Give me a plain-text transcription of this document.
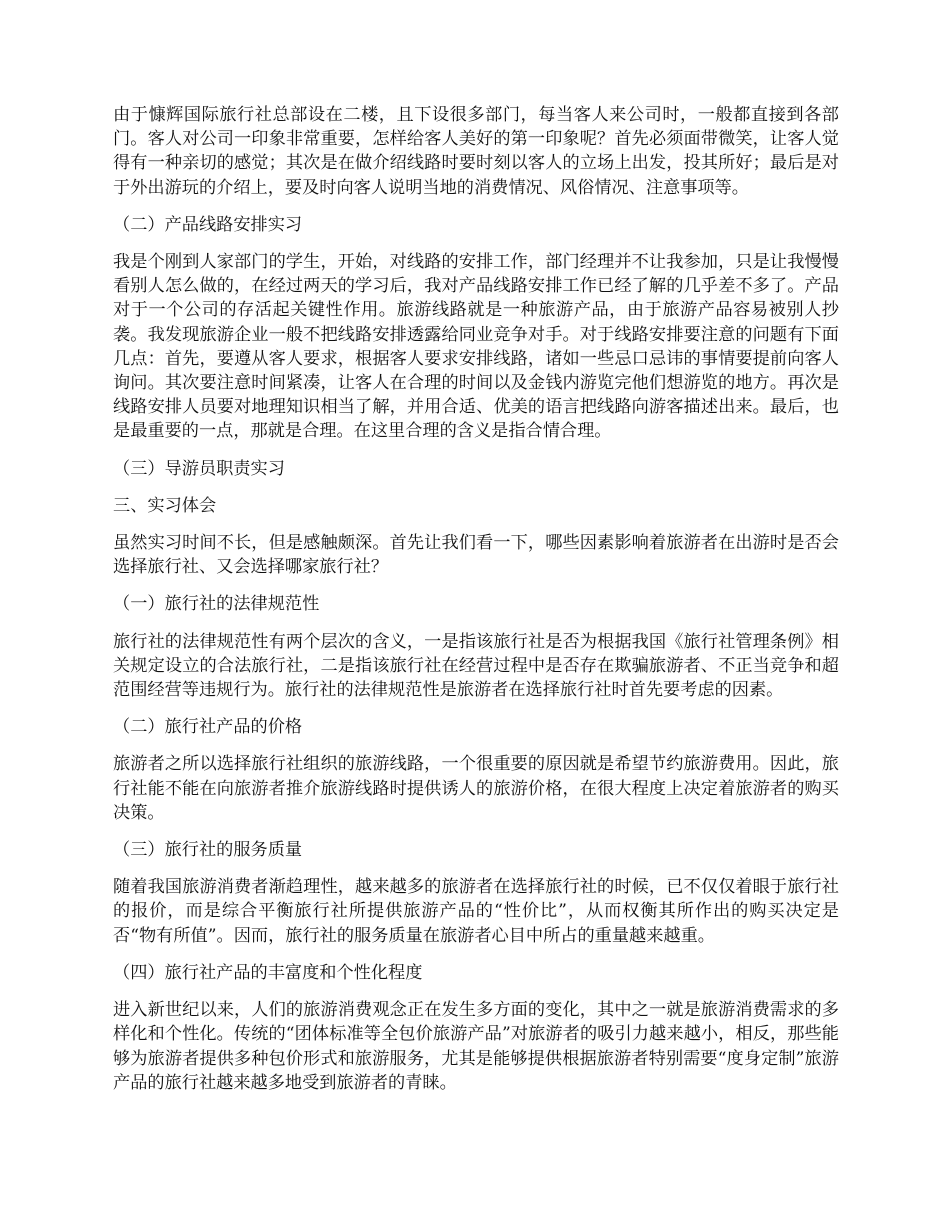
由于慷辉国际旅行社总部设在二楼，且下设很多部门，每当客人来公司时，一般都直接到各部门。客人对公司一印象非常重要，怎样给客人美好的第一印象呢？首先必须面带微笑，让客人觉得有一种亲切的感觉；其次是在做介绍线路时要时刻以客人的立场上出发，投其所好；最后是对于外出游玩的介绍上，要及时向客人说明当地的消费情况、风俗情况、注意事项等。

（二）产品线路安排实习

我是个刚到人家部门的学生，开始，对线路的安排工作，部门经理并不让我参加，只是让我慢慢看别人怎么做的，在经过两天的学习后，我对产品线路安排工作已经了解的几乎差不多了。产品对于一个公司的存活起关键性作用。旅游线路就是一种旅游产品，由于旅游产品容易被别人抄袭。我发现旅游企业一般不把线路安排透露给同业竞争对手。对于线路安排要注意的问题有下面几点：首先，要遵从客人要求，根据客人要求安排线路，诸如一些忌口忌讳的事情要提前向客人询问。其次要注意时间紧凑，让客人在合理的时间以及金钱内游览完他们想游览的地方。再次是线路安排人员要对地理知识相当了解，并用合适、优美的语言把线路向游客描述出来。最后，也是最重要的一点，那就是合理。在这里合理的含义是指合情合理。

（三）导游员职责实习

三、实习体会

虽然实习时间不长，但是感触颇深。首先让我们看一下，哪些因素影响着旅游者在出游时是否会选择旅行社、又会选择哪家旅行社？

（一）旅行社的法律规范性

旅行社的法律规范性有两个层次的含义，一是指该旅行社是否为根据我国《旅行社管理条例》相关规定设立的合法旅行社，二是指该旅行社在经营过程中是否存在欺骗旅游者、不正当竞争和超范围经营等违规行为。旅行社的法律规范性是旅游者在选择旅行社时首先要考虑的因素。

（二）旅行社产品的价格

旅游者之所以选择旅行社组织的旅游线路，一个很重要的原因就是希望节约旅游费用。因此，旅行社能不能在向旅游者推介旅游线路时提供诱人的旅游价格，在很大程度上决定着旅游者的购买决策。

（三）旅行社的服务质量

随着我国旅游消费者渐趋理性，越来越多的旅游者在选择旅行社的时候，已不仅仅着眼于旅行社的报价，而是综合平衡旅行社所提供旅游产品的“性价比”，从而权衡其所作出的购买决定是否“物有所值”。因而，旅行社的服务质量在旅游者心目中所占的重量越来越重。

（四）旅行社产品的丰富度和个性化程度

进入新世纪以来，人们的旅游消费观念正在发生多方面的变化，其中之一就是旅游消费需求的多样化和个性化。传统的“团体标准等全包价旅游产品”对旅游者的吸引力越来越小，相反，那些能够为旅游者提供多种包价形式和旅游服务，尤其是能够提供根据旅游者特别需要“度身定制”旅游产品的旅行社越来越多地受到旅游者的青睐。
